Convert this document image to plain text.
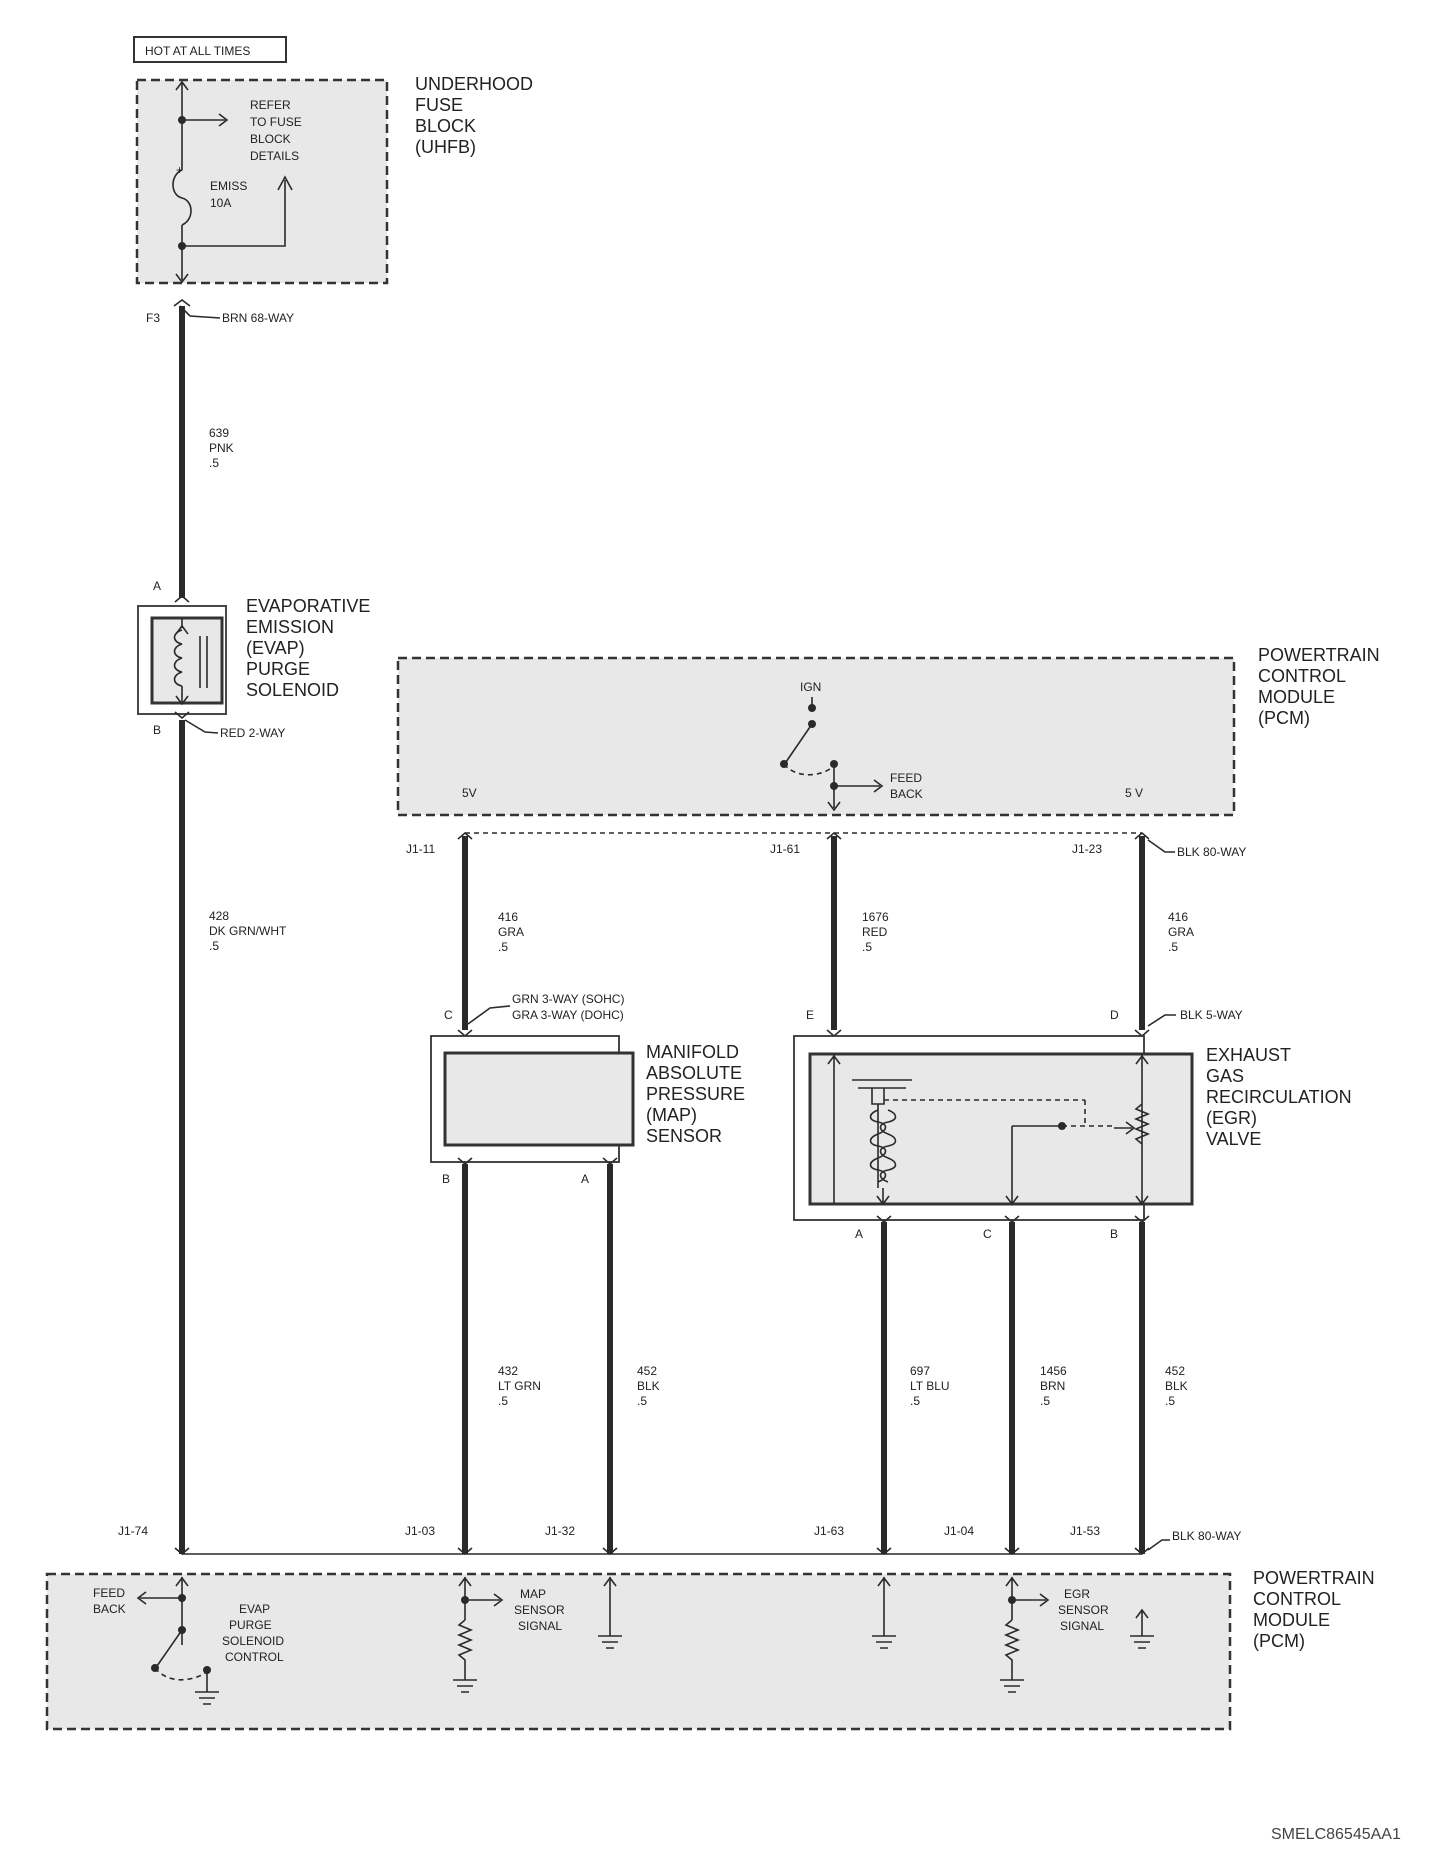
HOT AT ALL TIMES
REFER
TO FUSE
BLOCK
DETAILS
+
EMISS
10A
UNDERHOOD
FUSE
BLOCK
(UHFB)
F3	BRN 68-WAY
639
PNK
.5
A
B	RED 2-WAY
EVAPORATIVE
EMISSION
(EVAP)
PURGE
SOLENOID
428
DK GRN/WHT
.5
POWERTRAIN
CONTROL
MODULE
(PCM)
IGN
FEED
BACK
5V	5 V
J1-11	J1-61	J1-23	BLK 80-WAY
416
GRA
.5
1676
RED
.5
416
GRA
.5
C
GRN 3-WAY (SOHC)
GRA 3-WAY (DOHC)
MANIFOLD
ABSOLUTE
PRESSURE
(MAP)
SENSOR
B	A
E	D	BLK 5-WAY
EXHAUST
GAS
RECIRCULATION
(EGR)
VALVE
A	C	B
432
LT GRN
.5
452
BLK
.5
697
LT BLU
.5
1456
BRN
.5
452
BLK
.5
J1-74	J1-03	J1-32	J1-63	J1-04	J1-53	BLK 80-WAY
POWERTRAIN
CONTROL
MODULE
(PCM)
FEED
BACK	EVAP
PURGE
SOLENOID
CONTROL
MAP
SENSOR
SIGNAL
EGR
SENSOR
SIGNAL
SMELC86545AA1
